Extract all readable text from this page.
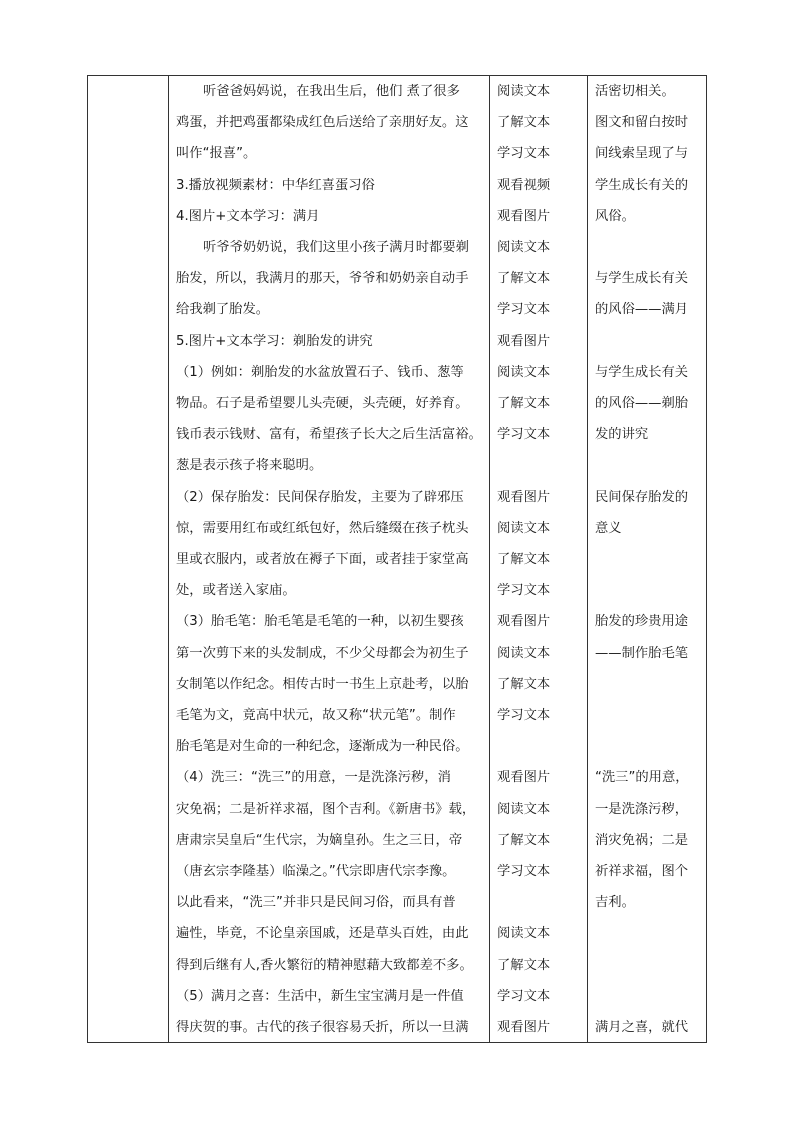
听爸爸妈妈说，在我出生后，他们 煮了很多

鸡蛋，并把鸡蛋都染成红色后送给了亲朋好友。这

叫作“报喜”。

3.播放视频素材：中华红喜蛋习俗

4.图片+文本学习：满月

听爷爷奶奶说，我们这里小孩子满月时都要剃

胎发，所以，我满月的那天，爷爷和奶奶亲自动手

给我剃了胎发。

5.图片+文本学习：剃胎发的讲究

（1）例如：剃胎发的水盆放置石子、钱币、葱等

物品。石子是希望婴儿头壳硬，头壳硬，好养育。

钱币表示钱财、富有，希望孩子长大之后生活富裕。

葱是表示孩子将来聪明。

（2）保存胎发：民间保存胎发，主要为了辟邪压

惊，需要用红布或红纸包好，然后缝缀在孩子枕头

里或衣服内，或者放在褥子下面，或者挂于家堂高

处，或者送入家庙。

（3）胎毛笔：胎毛笔是毛笔的一种，以初生婴孩

第一次剪下来的头发制成，不少父母都会为初生子

女制笔以作纪念。相传古时一书生上京赴考，以胎

毛笔为文，竟高中状元，故又称“状元笔”。制作

胎毛笔是对生命的一种纪念，逐渐成为一种民俗。

（4）洗三：“洗三”的用意，一是洗涤污秽，消

灾免祸；二是祈祥求福，图个吉利。《新唐书》载，

唐肃宗吴皇后“生代宗，为嫡皇孙。生之三日，帝

（唐玄宗李隆基）临澡之。”代宗即唐代宗李豫。

以此看来，“洗三”并非只是民间习俗，而具有普

遍性，毕竟，不论皇亲国戚，还是草头百姓，由此

得到后继有人,香火繁衍的精神慰藉大致都差不多。

（5）满月之喜：生活中，新生宝宝满月是一件值

得庆贺的事。古代的孩子很容易夭折，所以一旦满

阅读文本

了解文本

学习文本

观看视频

观看图片

阅读文本

了解文本

学习文本

观看图片

阅读文本

了解文本

学习文本

观看图片

阅读文本

了解文本

学习文本

观看图片

阅读文本

了解文本

学习文本

观看图片

阅读文本

了解文本

学习文本

阅读文本

了解文本

学习文本

观看图片

活密切相关。

图文和留白按时

间线索呈现了与

学生成长有关的

风俗。

与学生成长有关

的风俗——满月

与学生成长有关

的风俗——剃胎

发的讲究

民间保存胎发的

意义

胎发的珍贵用途

——制作胎毛笔

“洗三”的用意，

一是洗涤污秽，

消灾免祸；二是

祈祥求福，图个

吉利。

满月之喜，就代
